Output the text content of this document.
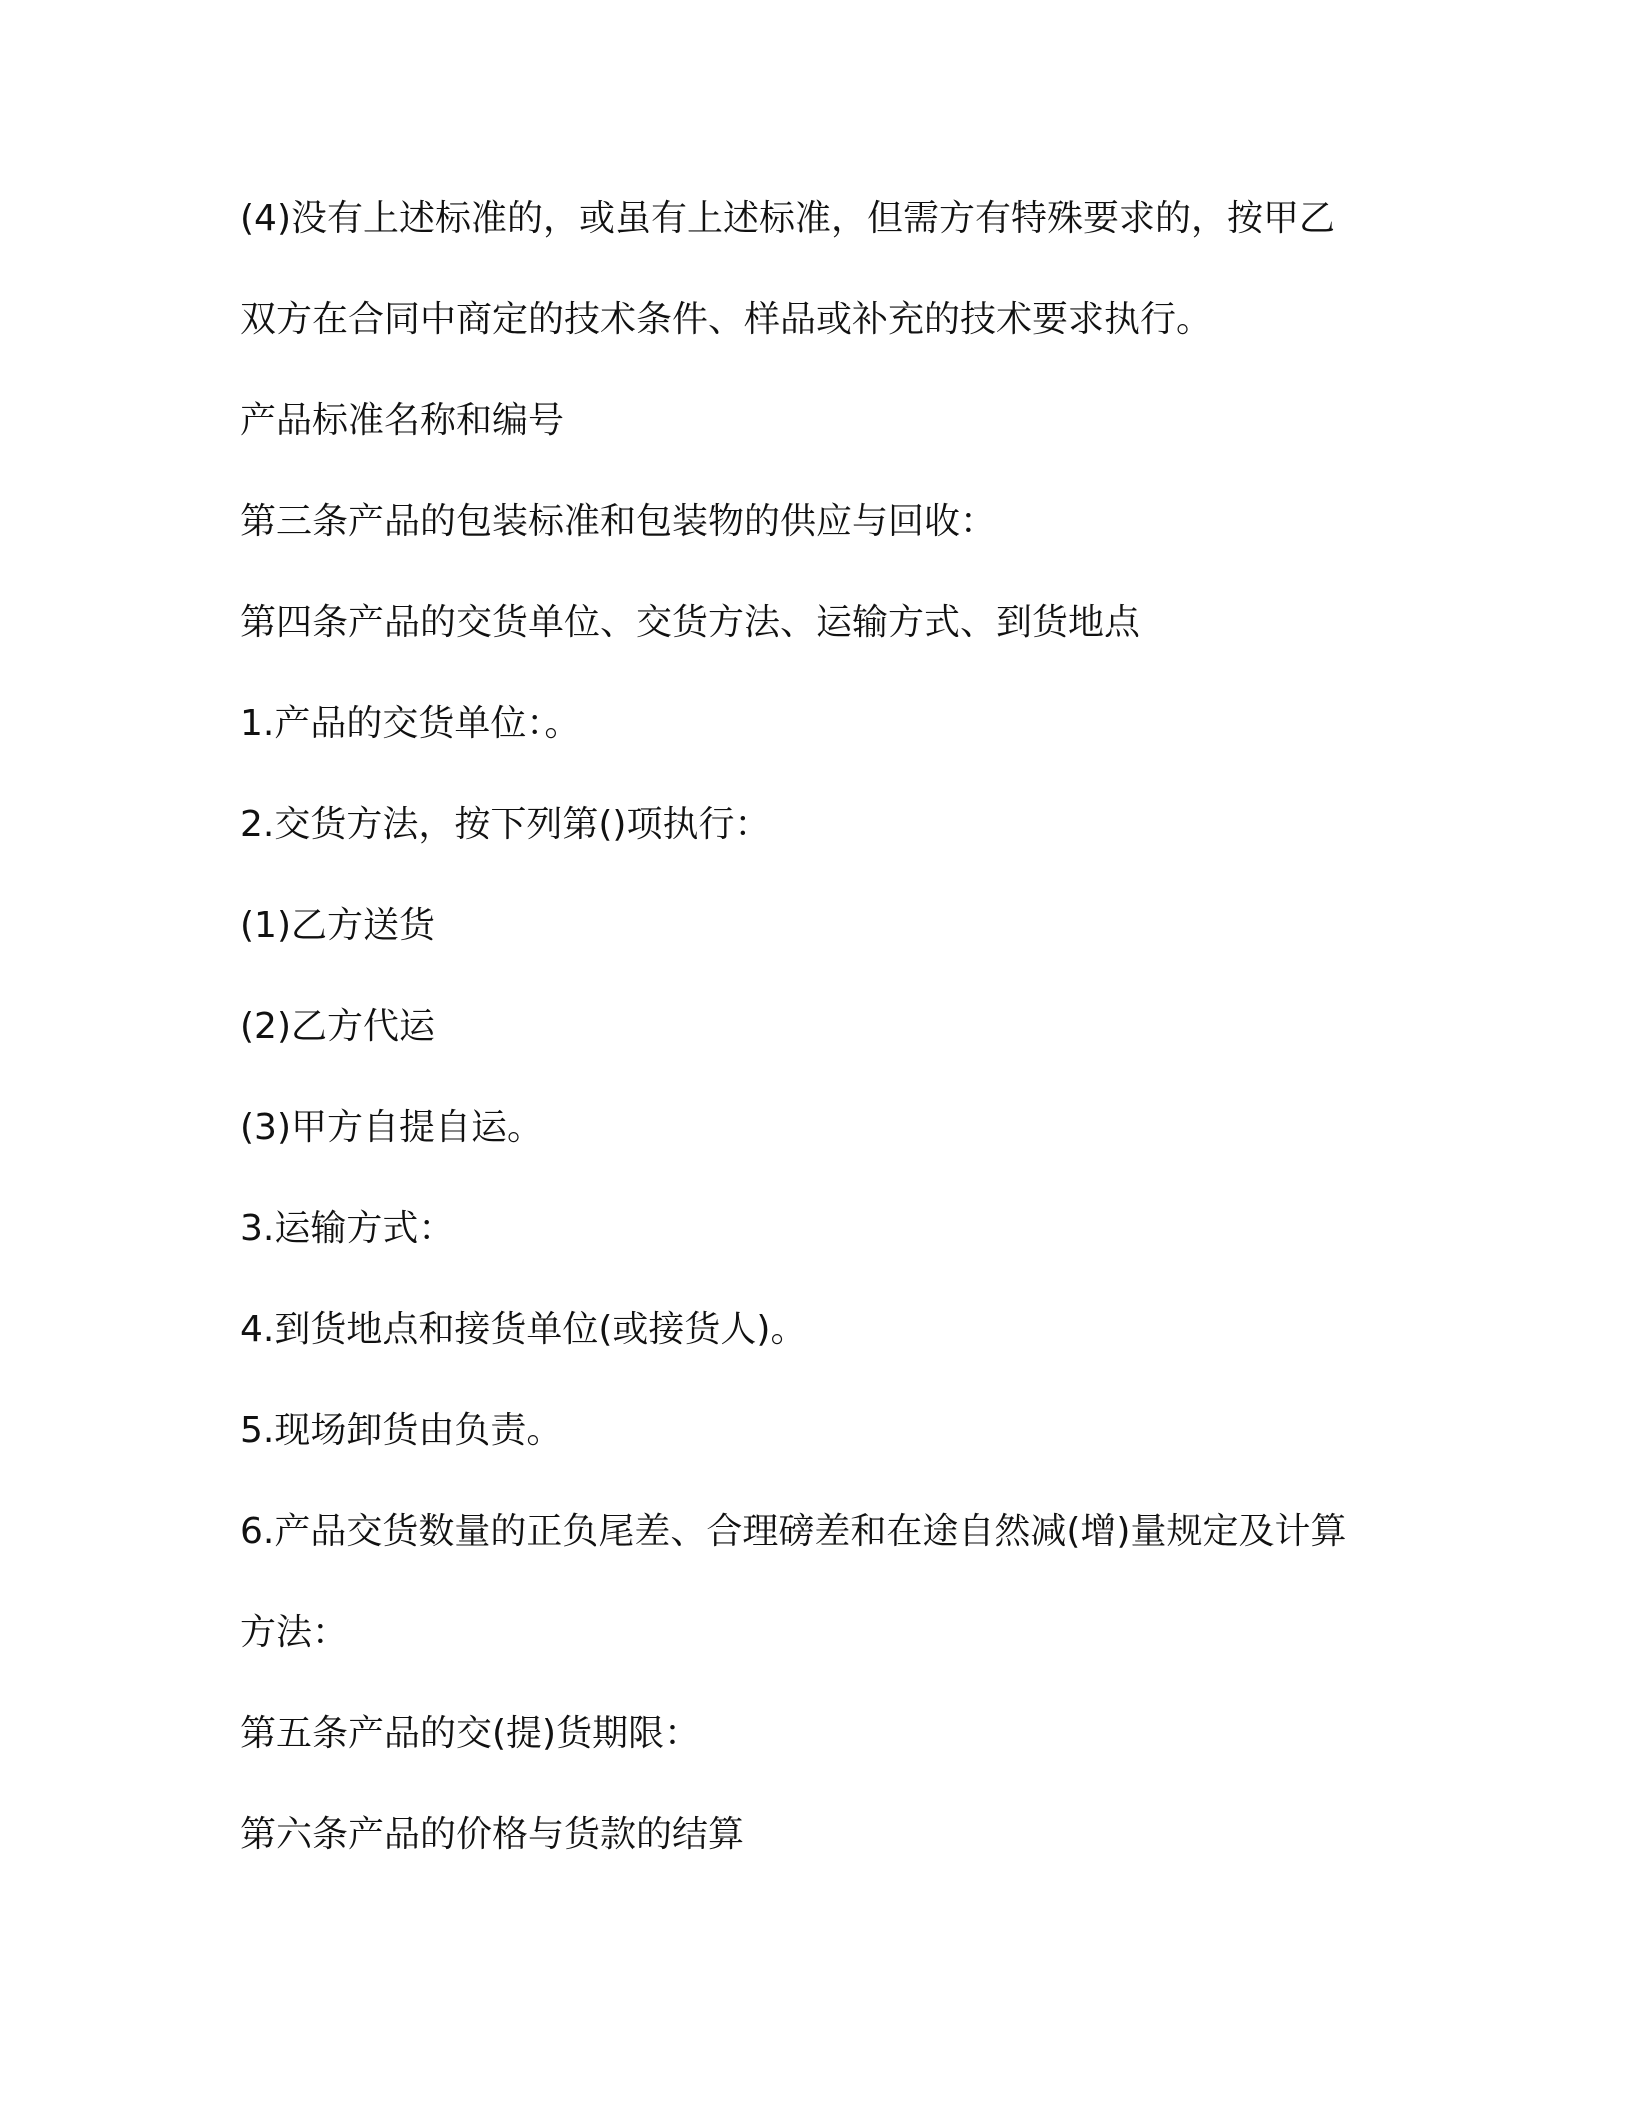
(4)没有上述标准的，或虽有上述标准，但需方有特殊要求的，按甲乙

双方在合同中商定的技术条件、样品或补充的技术要求执行。

产品标准名称和编号

第三条产品的包装标准和包装物的供应与回收：

第四条产品的交货单位、交货方法、运输方式、到货地点

1.产品的交货单位：。

2.交货方法，按下列第()项执行：

(1)乙方送货

(2)乙方代运

(3)甲方自提自运。

3.运输方式：

4.到货地点和接货单位(或接货人)。

5.现场卸货由负责。

6.产品交货数量的正负尾差、合理磅差和在途自然减(增)量规定及计算

方法：

第五条产品的交(提)货期限：

第六条产品的价格与货款的结算
